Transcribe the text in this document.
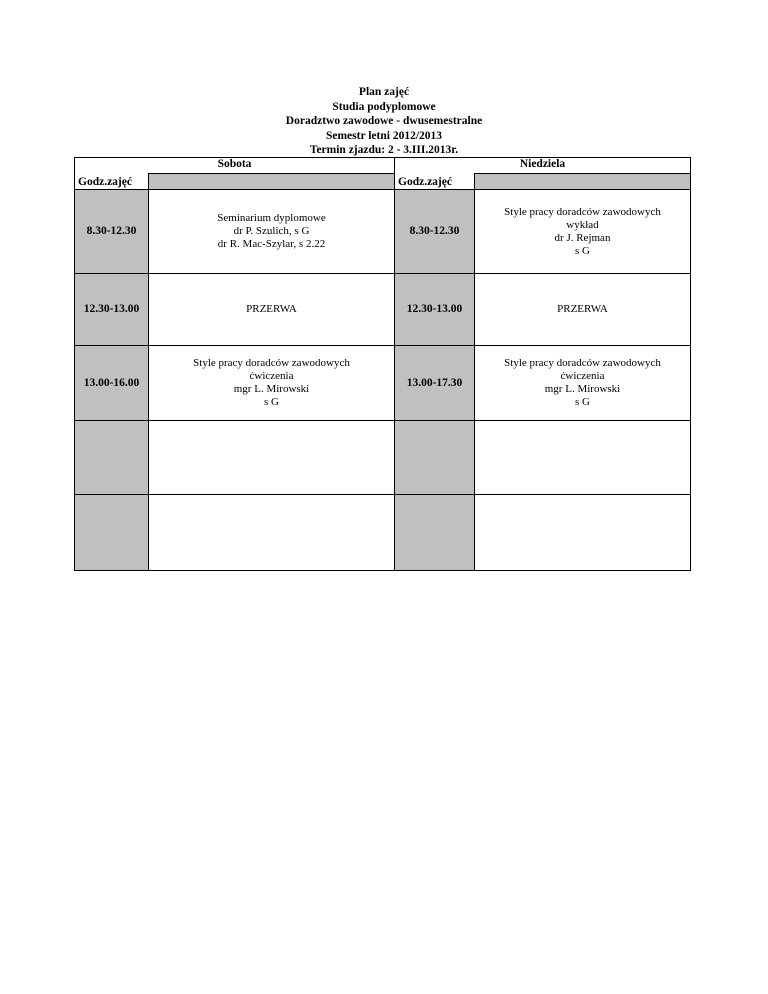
Plan zajęć
Studia podyplomowe
Doradztwo zawodowe - dwusemestralne
Semestr letni 2012/2013
Termin zjazdu: 2 - 3.III.2013r.
Sobota		Niedziela	
Godz.zajęć		Godz.zajęć	
8.30-12.30	Seminarium dyplomowe
dr P. Szulich, s G
dr R. Mac-Szylar, s 2.22	8.30-12.30	Style pracy doradców zawodowych
wykład
dr J. Rejman
s G

12.30-13.00	PRZERWA	12.30-13.00	PRZERWA
13.00-16.00	Style pracy doradców zawodowych
ćwiczenia
mgr L. Mirowski
s G	13.00-17.30	Style pracy doradców zawodowych
ćwiczenia
mgr L. Mirowski
s G
